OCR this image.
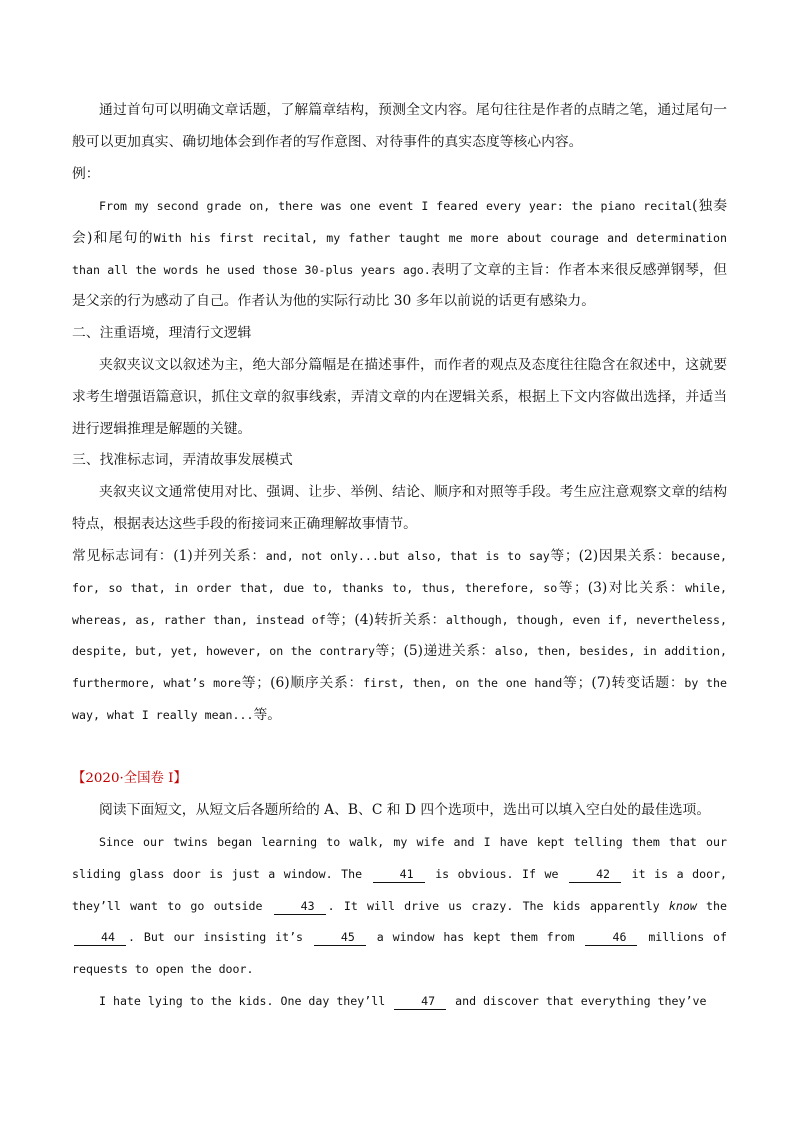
通过首句可以明确文章话题，了解篇章结构，预测全文内容。尾句往往是作者的点睛之笔，通过尾句一般可以更加真实、确切地体会到作者的写作意图、对待事件的真实态度等核心内容。

例：

From my second grade on, there was one event I feared every year: the piano recital(独奏会)和尾句的With his first recital, my father taught me more about courage and determination than all the words he used those 30-plus years ago.表明了文章的主旨：作者本来很反感弹钢琴，但是父亲的行为感动了自己。作者认为他的实际行动比 30 多年以前说的话更有感染力。

二、注重语境，理清行文逻辑

夹叙夹议文以叙述为主，绝大部分篇幅是在描述事件，而作者的观点及态度往往隐含在叙述中，这就要求考生增强语篇意识，抓住文章的叙事线索，弄清文章的内在逻辑关系，根据上下文内容做出选择，并适当进行逻辑推理是解题的关键。

三、找准标志词，弄清故事发展模式

夹叙夹议文通常使用对比、强调、让步、举例、结论、顺序和对照等手段。考生应注意观察文章的结构特点，根据表达这些手段的衔接词来正确理解故事情节。

常见标志词有：(1)并列关系：and, not only...but also, that is to say等；(2)因果关系：because, for, so that, in order that, due to, thanks to, thus, therefore, so等；(3)对比关系：while, whereas, as, rather than, instead of等；(4)转折关系：although, though, even if, nevertheless, despite, but, yet, however, on the contrary等；(5)递进关系：also, then, besides, in addition, furthermore, what’s more等；(6)顺序关系：first, then, on the one hand等；(7)转变话题：by the way, what I really mean...等。

【2020·全国卷 I】

阅读下面短文，从短文后各题所给的 A、B、C 和 D 四个选项中，选出可以填入空白处的最佳选项。

Since our twins began learning to walk, my wife and I have kept telling them that our sliding glass door is just a window. The	41 is obvious. If we	42 it is a door, they’ll want to go outside	43 . It will drive us crazy. The kids apparently know the 44 . But our insisting it’s	45 a window has kept them from	46 millions of requests to open the door.

I hate lying to the kids. One day they’ll	47 and discover that everything they’ve
